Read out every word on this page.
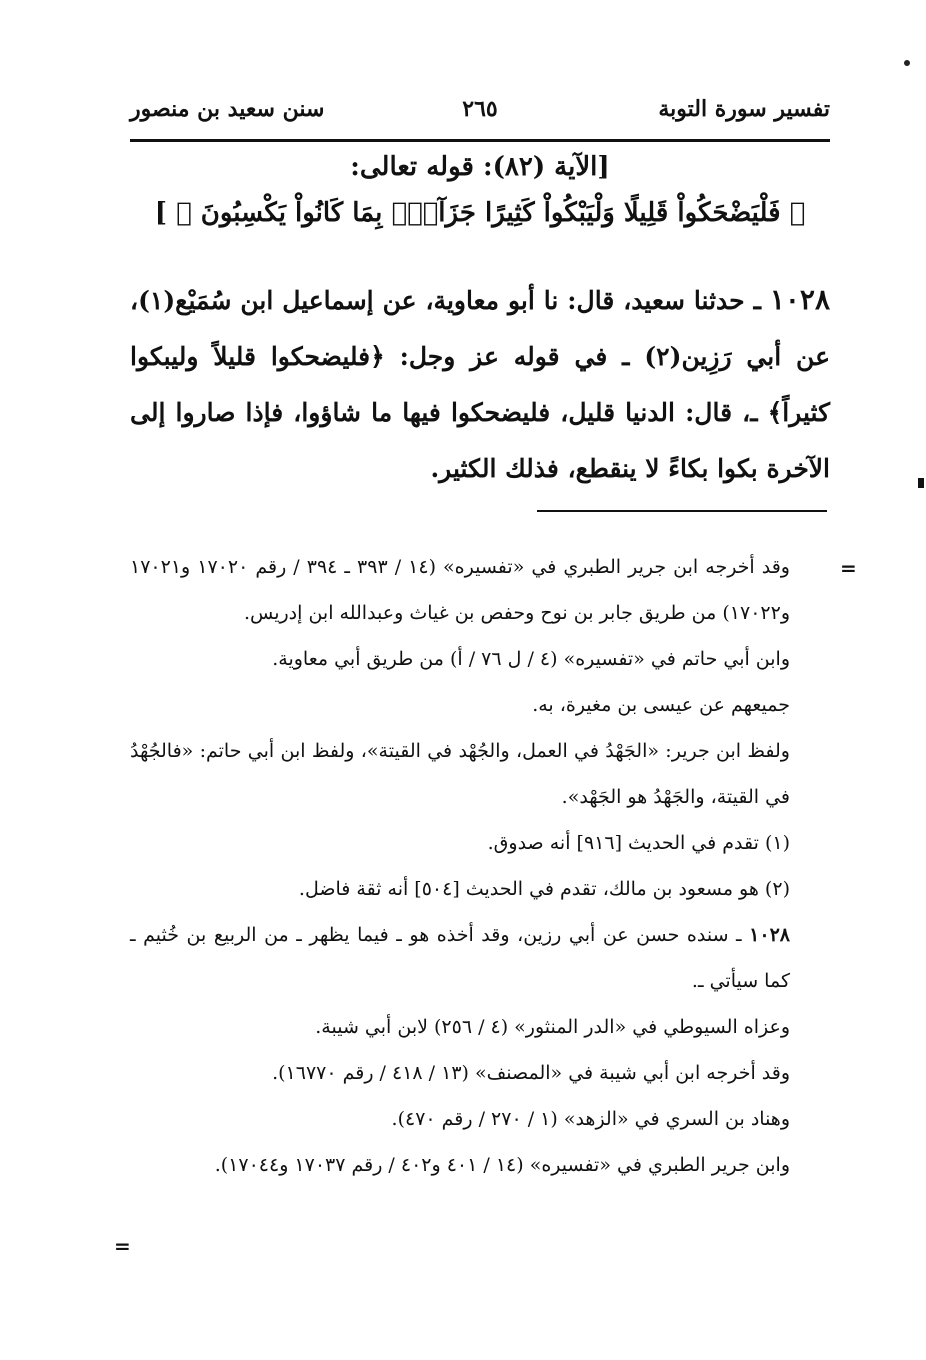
تفسير سورة التوبة
٢٦٥
سنن سعيد بن منصور
[الآية (٨٢): قوله تعالى:
﴿ فَلْيَضْحَكُواْ قَلِيلًا وَلْيَبْكُواْ كَثِيرًا جَزَآءَۢ بِمَا كَانُواْ يَكْسِبُونَ ﴾ ]
١٠٢٨ ـ حدثنا سعيد، قال: نا أبو معاوية، عن إسماعيل ابن سُمَيْع(١)، عن أبي رَزِين(٢) ـ في قوله عز وجل: ﴿فليضحكوا قليلاً وليبكوا كثيراً﴾ ـ، قال: الدنيا قليل، فليضحكوا فيها ما شاؤوا، فإذا صاروا إلى الآخرة بكوا بكاءً لا ينقطع، فذلك الكثير.
=

وقد أخرجه ابن جرير الطبري في «تفسيره» (١٤ / ٣٩٣ ـ ٣٩٤ / رقم ١٧٠٢٠ و١٧٠٢١ و١٧٠٢٢) من طريق جابر بن نوح وحفص بن غياث وعبدالله ابن إدريس.

وابن أبي حاتم في «تفسيره» (٤ / ل ٧٦ / أ) من طريق أبي معاوية.

جميعهم عن عيسى بن مغيرة، به.

ولفظ ابن جرير: «الجَهْدُ في العمل، والجُهْد في القيتة»، ولفظ ابن أبي حاتم: «فالجُهْدُ في القيتة، والجَهْدُ هو الجَهْد».

(١) تقدم في الحديث [٩١٦] أنه صدوق.

(٢) هو مسعود بن مالك، تقدم في الحديث [٥٠٤] أنه ثقة فاضل.

١٠٢٨ ـ سنده حسن عن أبي رزين، وقد أخذه هو ـ فيما يظهر ـ من الربيع بن خُثيم ـ كما سيأتي ـ.

وعزاه السيوطي في «الدر المنثور» (٤ / ٢٥٦) لابن أبي شيبة.

وقد أخرجه ابن أبي شيبة في «المصنف» (١٣ / ٤١٨ / رقم ١٦٧٧٠).

وهناد بن السري في «الزهد» (١ / ٢٧٠ / رقم ٤٧٠).

وابن جرير الطبري في «تفسيره» (١٤ / ٤٠١ و٤٠٢ / رقم ١٧٠٣٧ و١٧٠٤٤).

=
